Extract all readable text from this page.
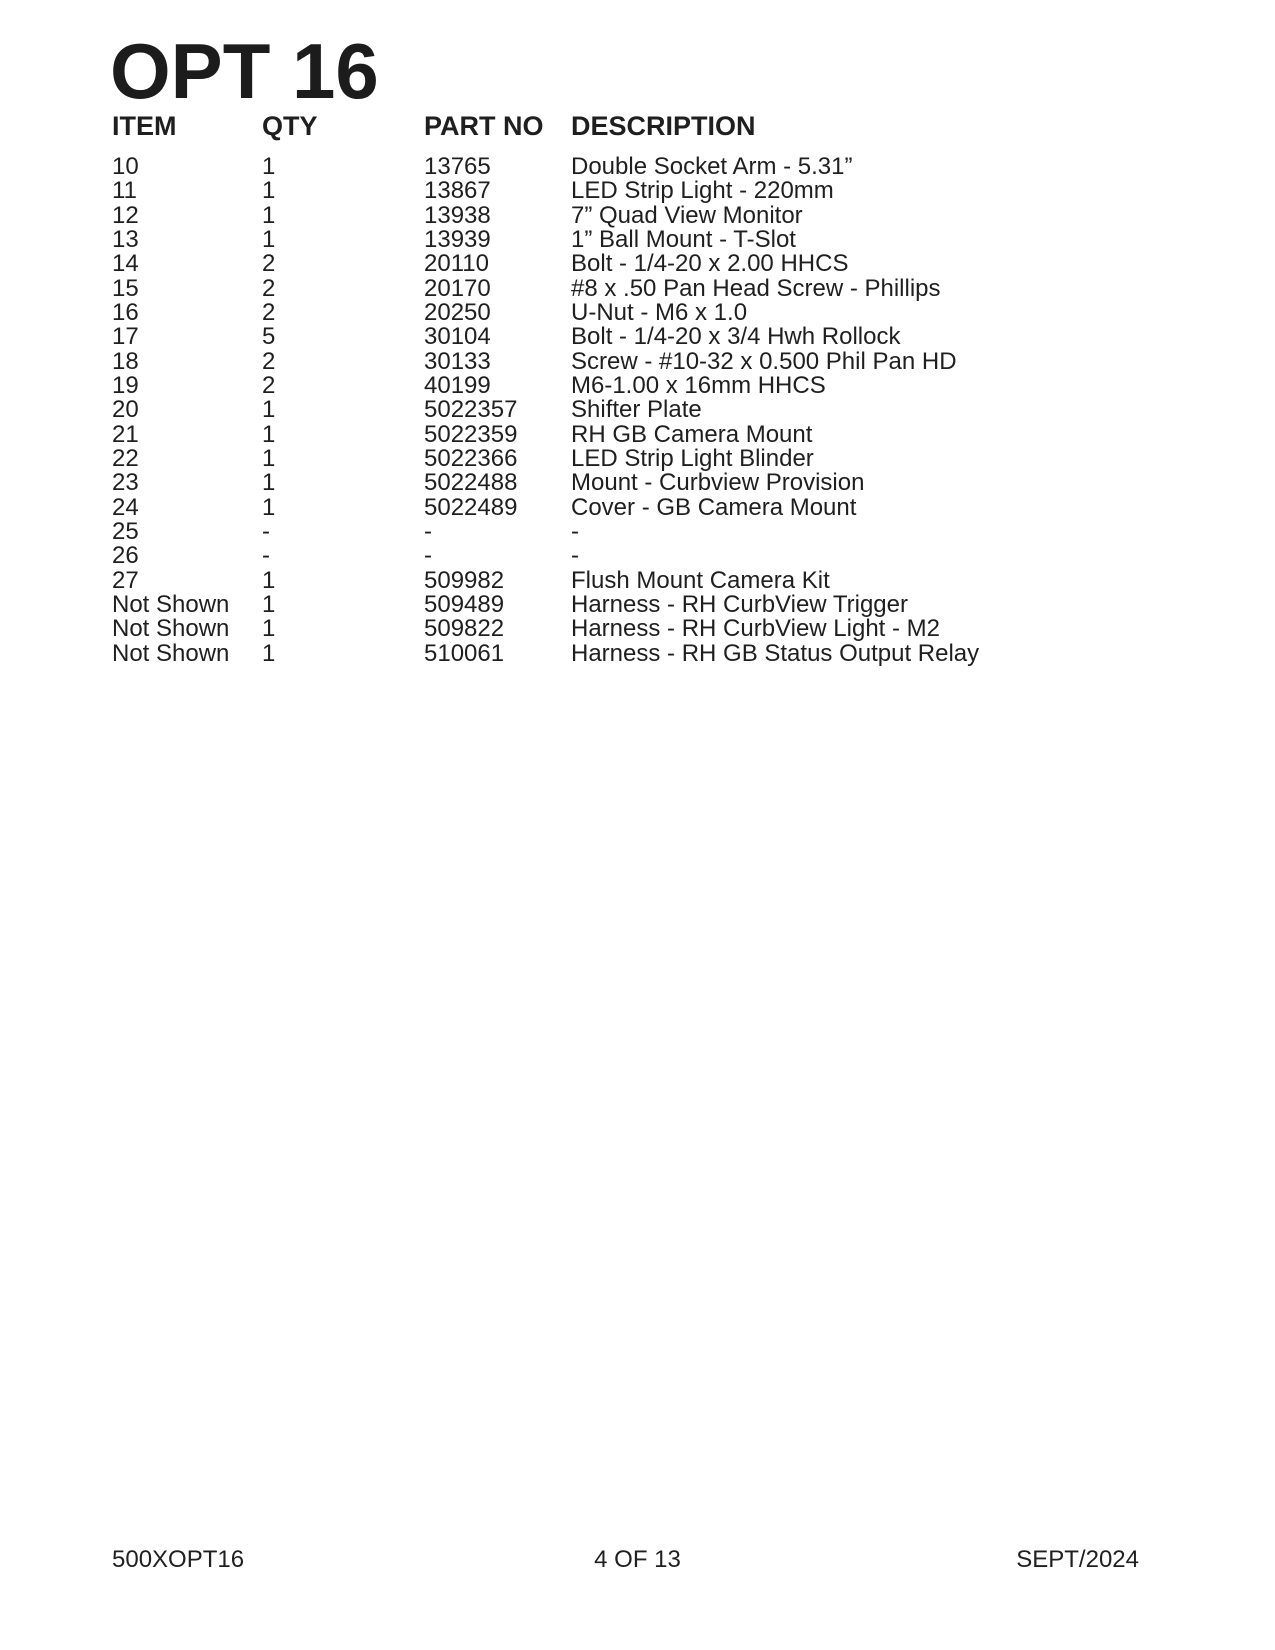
OPT 16
ITEM	QTY	PART NO	DESCRIPTION
10	1	13765	Double Socket Arm - 5.31”
11	1	13867	LED Strip Light - 220mm
12	1	13938	7” Quad View Monitor
13	1	13939	1” Ball Mount - T-Slot
14	2	20110	Bolt - 1/4-20 x 2.00 HHCS
15	2	20170	#8 x .50 Pan Head Screw - Phillips
16	2	20250	U-Nut - M6 x 1.0
17	5	30104	Bolt - 1/4-20 x 3/4 Hwh Rollock
18	2	30133	Screw - #10-32 x 0.500 Phil Pan HD
19	2	40199	M6-1.00 x 16mm HHCS
20	1	5022357	Shifter Plate
21	1	5022359	RH GB Camera Mount
22	1	5022366	LED Strip Light Blinder
23	1	5022488	Mount - Curbview Provision
24	1	5022489	Cover - GB Camera Mount
25	-	-	-
26	-	-	-
27	1	509982	Flush Mount Camera Kit
Not Shown	1	509489	Harness - RH CurbView Trigger
Not Shown	1	509822	Harness - RH CurbView Light - M2
Not Shown	1	510061	Harness - RH GB Status Output Relay
500XOPT16	4 OF 13	SEPT/2024
